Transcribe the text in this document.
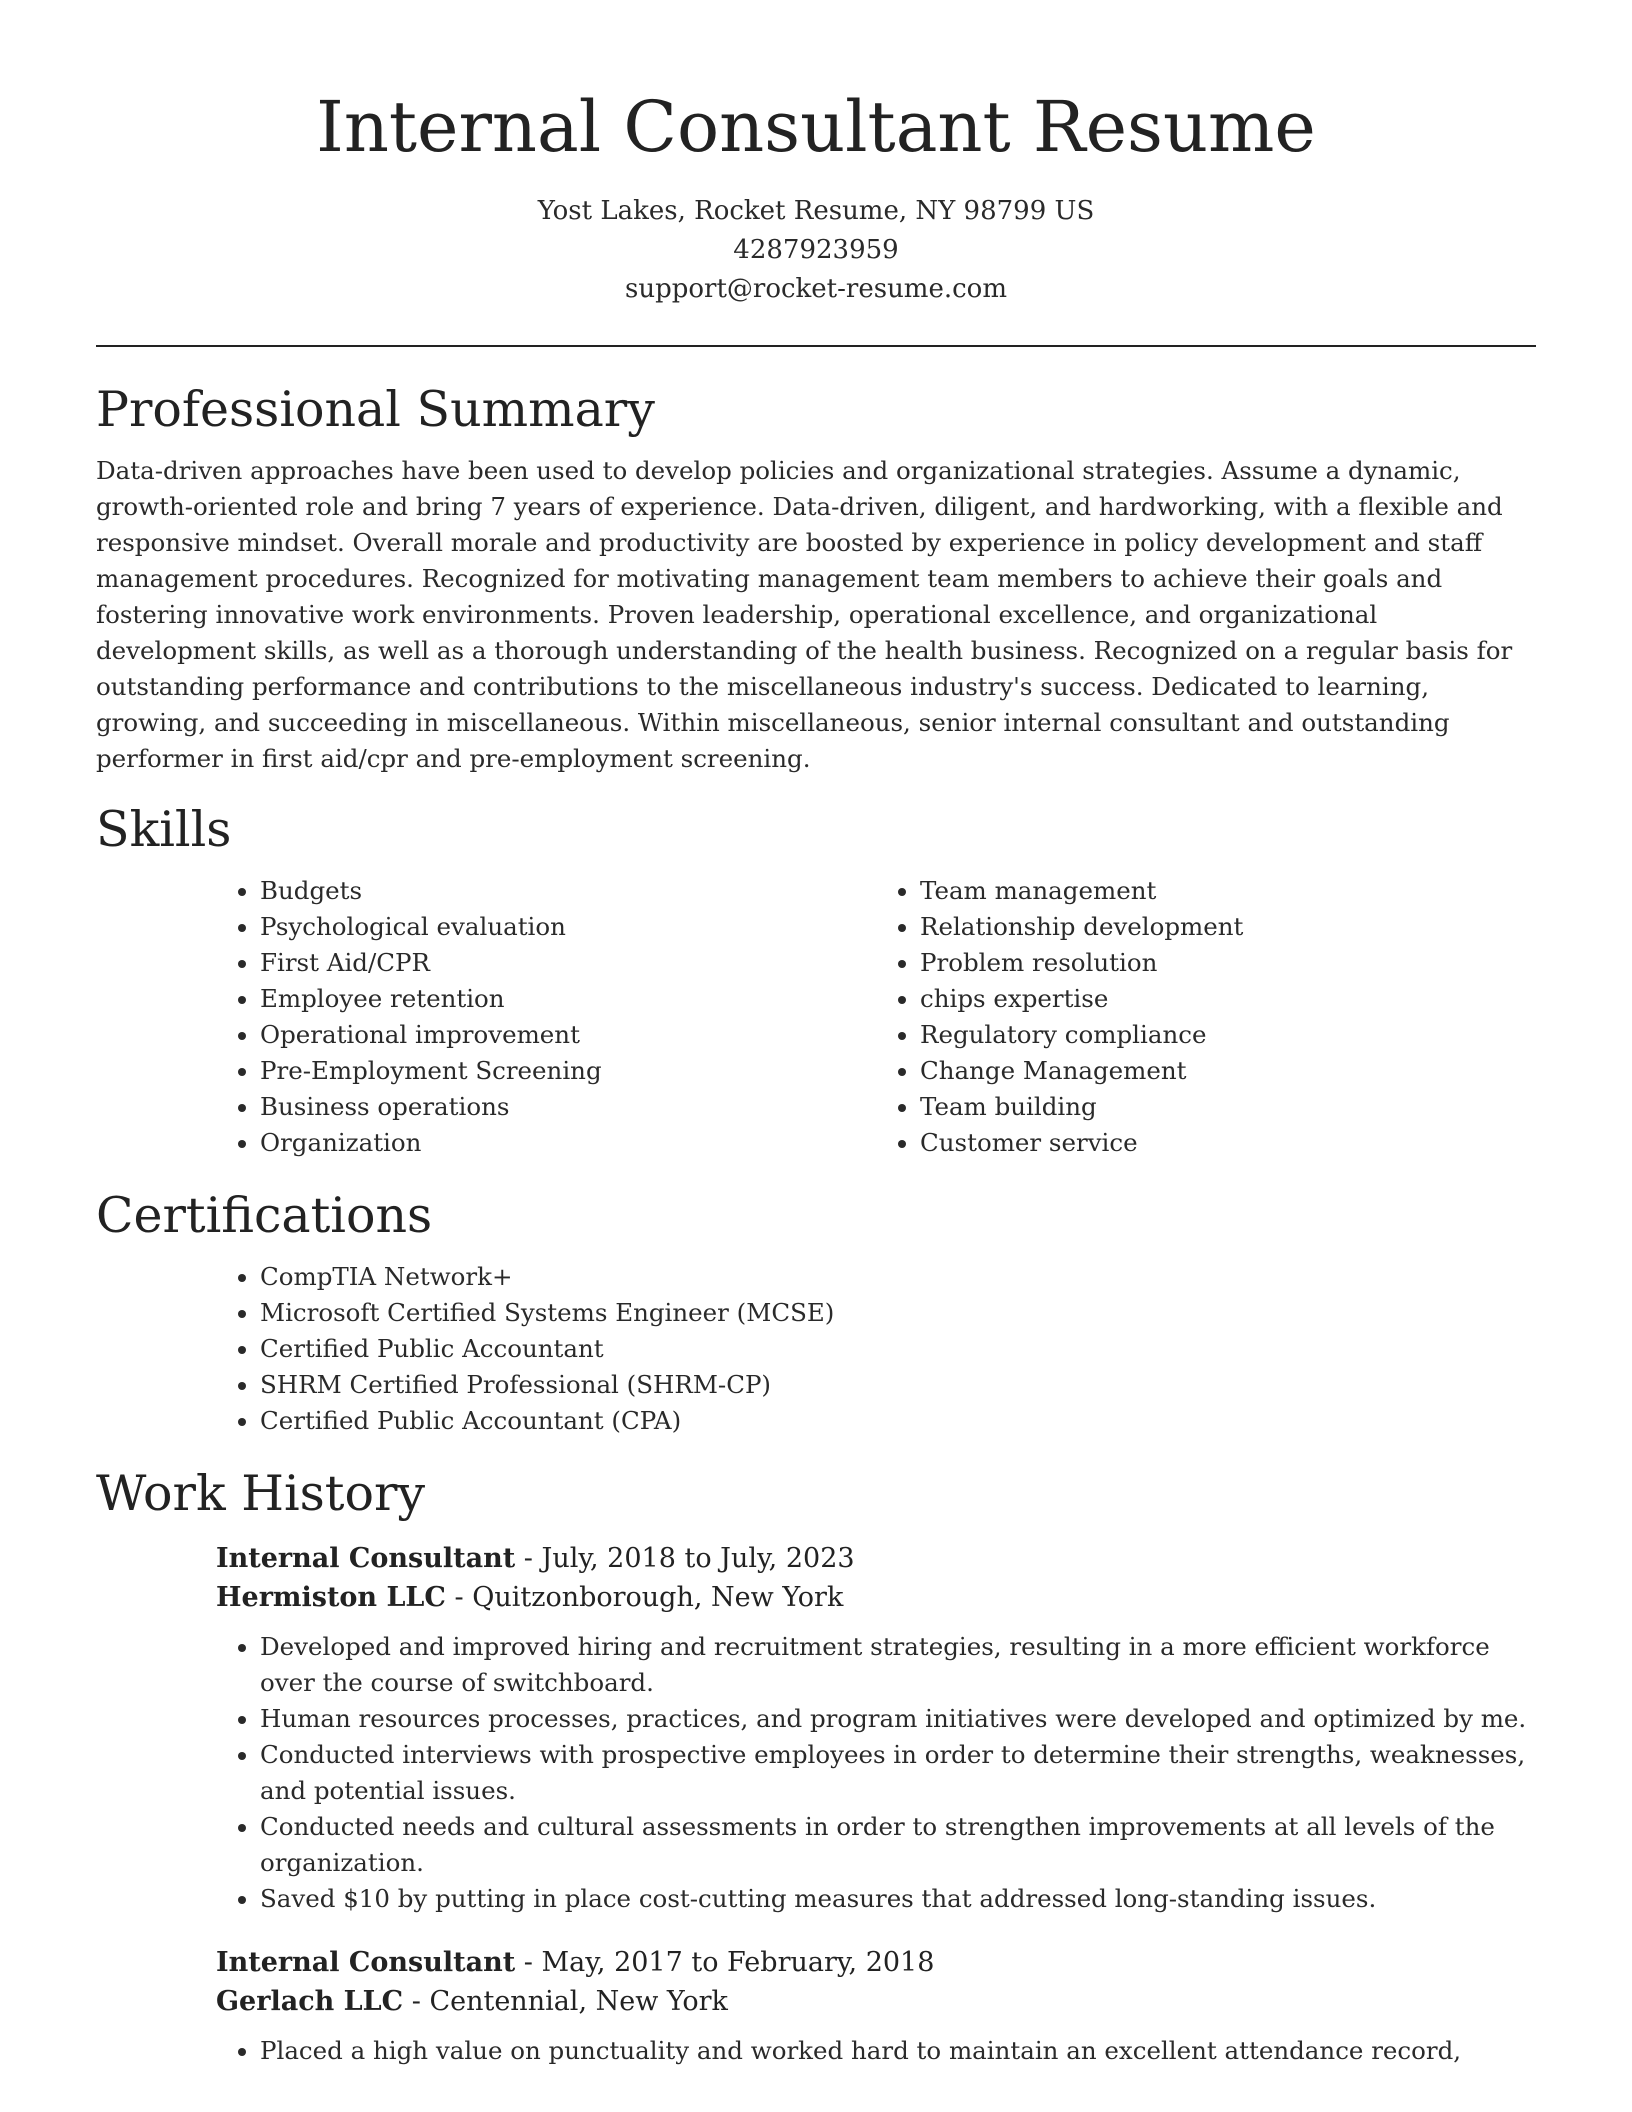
Internal Consultant Resume
Yost Lakes, Rocket Resume, NY 98799 US
4287923959
support@rocket-resume.com
Professional Summary

Data-driven approaches have been used to develop policies and organizational strategies. Assume a dynamic, growth-oriented role and bring 7 years of experience. Data-driven, diligent, and hardworking, with a flexible and responsive mindset. Overall morale and productivity are boosted by experience in policy development and staff management procedures. Recognized for motivating management team members to achieve their goals and fostering innovative work environments. Proven leadership, operational excellence, and organizational development skills, as well as a thorough understanding of the health business. Recognized on a regular basis for outstanding performance and contributions to the miscellaneous industry's success. Dedicated to learning, growing, and succeeding in miscellaneous. Within miscellaneous, senior internal consultant and outstanding performer in first aid/cpr and pre-employment screening.

Skills
• Budgets
• Psychological evaluation
• First Aid/CPR
• Employee retention
• Operational improvement
• Pre-Employment Screening
• Business operations
• Organization
• Team management
• Relationship development
• Problem resolution
• chips expertise
• Regulatory compliance
• Change Management
• Team building
• Customer service
Certifications
• CompTIA Network+
• Microsoft Certified Systems Engineer (MCSE)
• Certified Public Accountant
• SHRM Certified Professional (SHRM-CP)
• Certified Public Accountant (CPA)
Work History
Internal Consultant - July, 2018 to July, 2023
Hermiston LLC - Quitzonborough, New York
• Developed and improved hiring and recruitment strategies, resulting in a more efficient workforce over the course of switchboard.
• Human resources processes, practices, and program initiatives were developed and optimized by me.
• Conducted interviews with prospective employees in order to determine their strengths, weaknesses, and potential issues.
• Conducted needs and cultural assessments in order to strengthen improvements at all levels of the organization.
• Saved $10 by putting in place cost-cutting measures that addressed long-standing issues.
Internal Consultant - May, 2017 to February, 2018
Gerlach LLC - Centennial, New York
• Placed a high value on punctuality and worked hard to maintain an excellent attendance record,
